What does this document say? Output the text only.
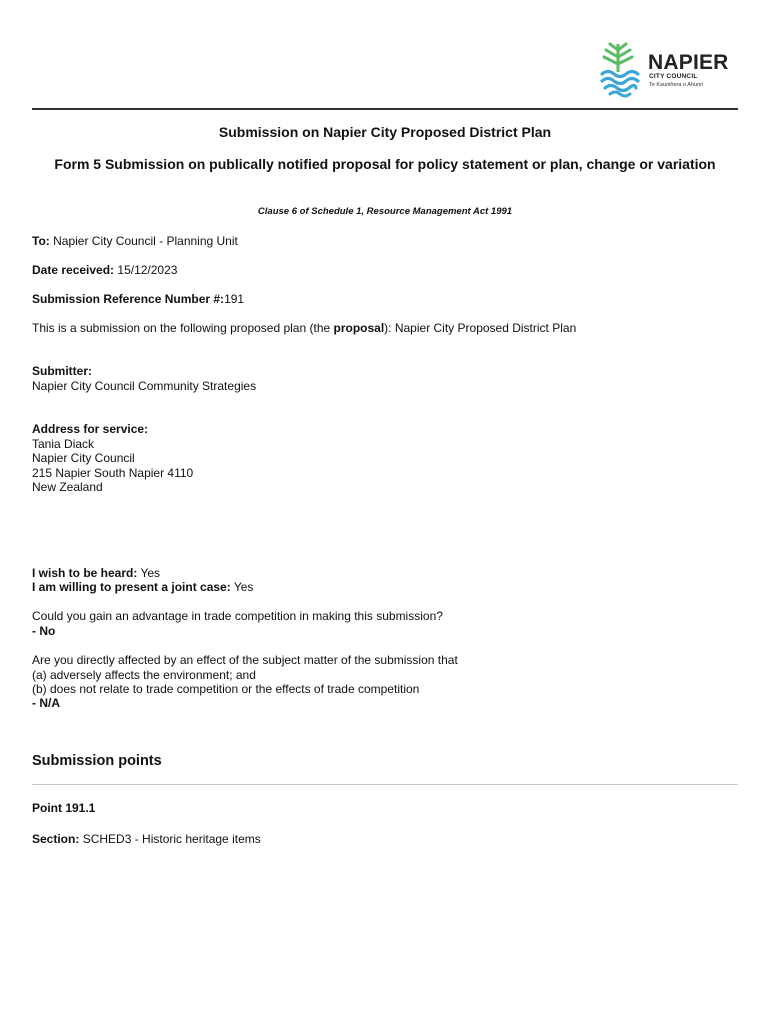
NAPIER
CITY COUNCIL
Te Kaunihera o Ahuriri
Submission on Napier City Proposed District Plan
Form 5 Submission on publically notified proposal for policy statement or plan, change or variation
Clause 6 of Schedule 1, Resource Management Act 1991
To: Napier City Council - Planning Unit
Date received: 15/12/2023
Submission Reference Number #:191
This is a submission on the following proposed plan (the proposal): Napier City Proposed District Plan
Submitter:
Napier City Council Community Strategies
Address for service:
Tania Diack
Napier City Council
215 Napier South Napier 4110
New Zealand
I wish to be heard: Yes
I am willing to present a joint case: Yes
Could you gain an advantage in trade competition in making this submission?
- No
Are you directly affected by an effect of the subject matter of the submission that
(a) adversely affects the environment; and
(b) does not relate to trade competition or the effects of trade competition
- N/A
Submission points
Point 191.1
Section: SCHED3 - Historic heritage items
